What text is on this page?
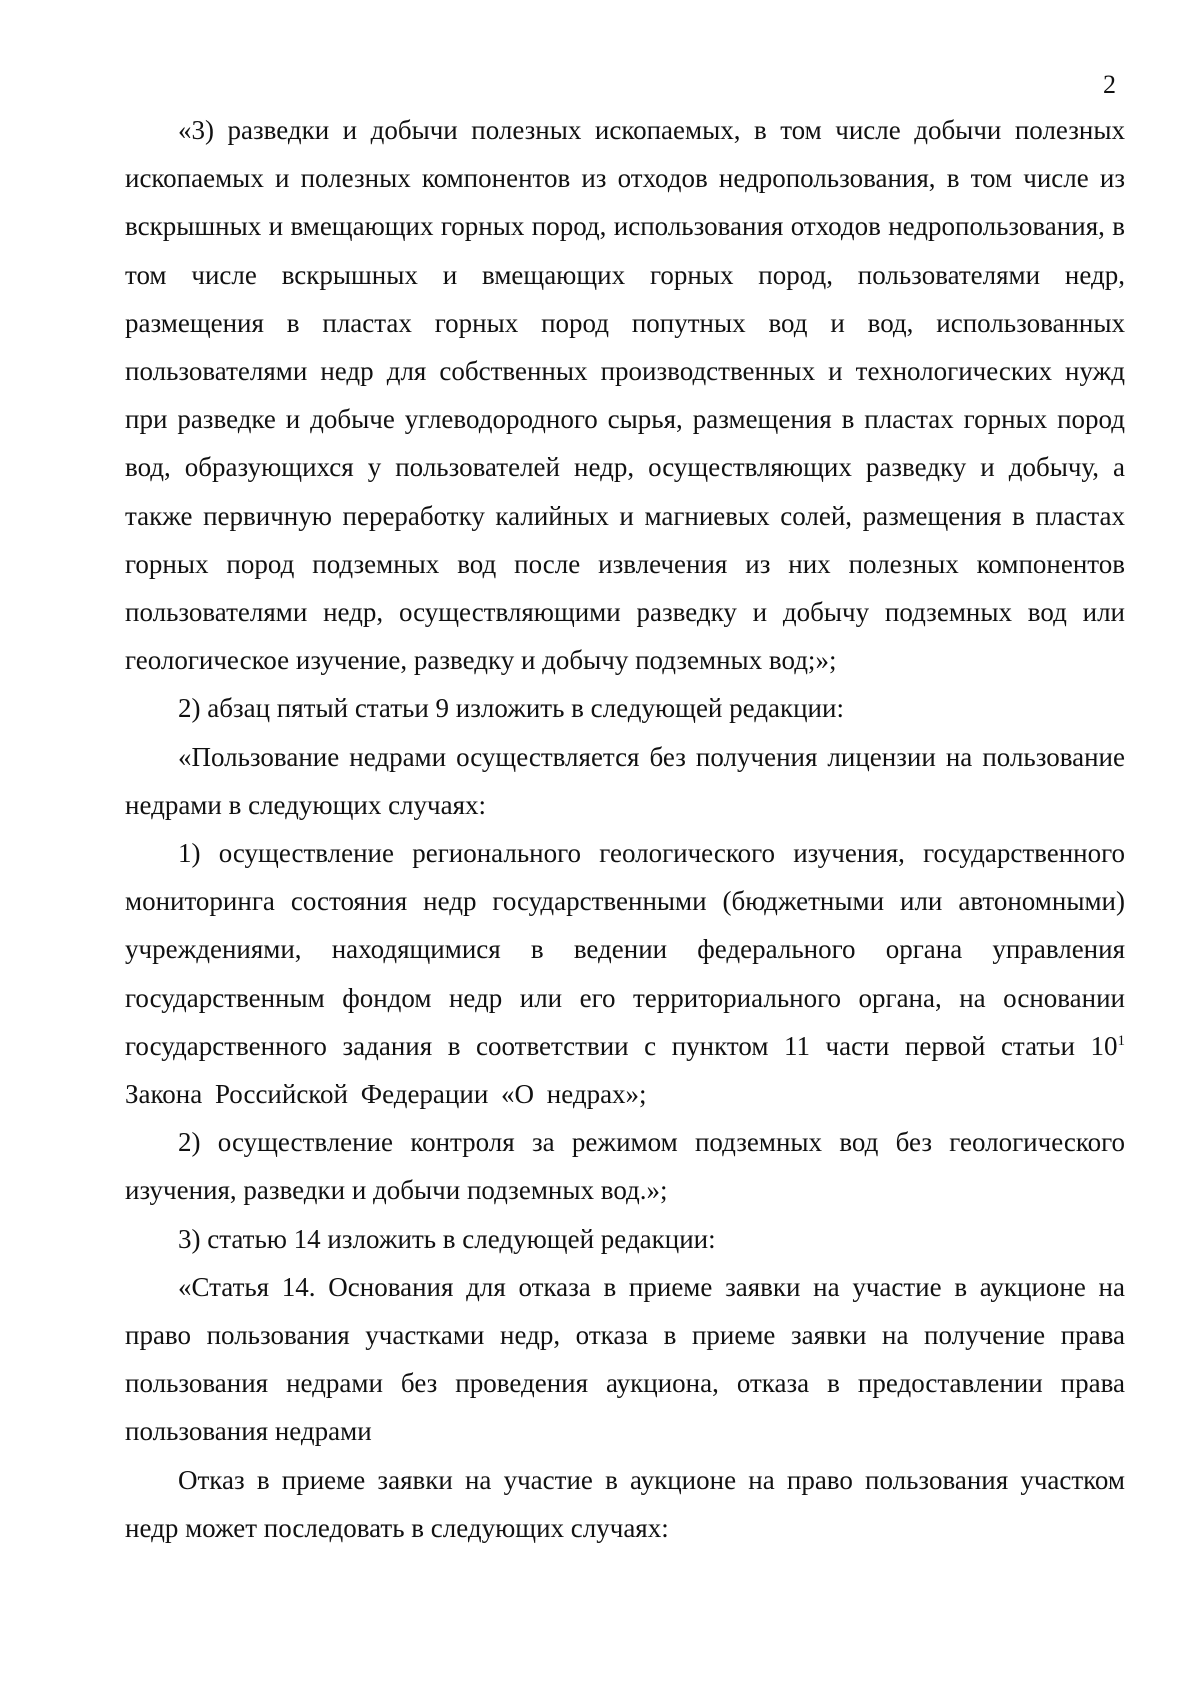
2

«3) разведки и добычи полезных ископаемых, в том числе добычи полезных ископаемых и полезных компонентов из отходов недропользования, в том числе из вскрышных и вмещающих горных пород, использования отходов недропользования, в том числе вскрышных и вмещающих горных пород, пользователями недр, размещения в пластах горных пород попутных вод и вод, использованных пользователями недр для собственных производственных и технологических нужд при разведке и добыче углеводородного сырья, размещения в пластах горных пород вод, образующихся у пользователей недр, осуществляющих разведку и добычу, а также первичную переработку калийных и магниевых солей, размещения в пластах горных пород подземных вод после извлечения из них полезных компонентов пользователями недр, осуществляющими разведку и добычу подземных вод или геологическое изучение, разведку и добычу подземных вод;»;

2) абзац пятый статьи 9 изложить в следующей редакции:

«Пользование недрами осуществляется без получения лицензии на пользование недрами в следующих случаях:

1) осуществление регионального геологического изучения, государственного мониторинга состояния недр государственными (бюджетными или автономными) учреждениями, находящимися в ведении федерального органа управления государственным фондом недр или его территориального органа, на основании государственного задания в соответствии с пунктом 11 части первой статьи $10^1$ Закона Российской Федерации «О недрах»;

2) осуществление контроля за режимом подземных вод без геологического изучения, разведки и добычи подземных вод.»;

3) статью 14 изложить в следующей редакции:

«Статья 14. Основания для отказа в приеме заявки на участие в аукционе на право пользования участками недр, отказа в приеме заявки на получение права пользования недрами без проведения аукциона, отказа в предоставлении права пользования недрами

Отказ в приеме заявки на участие в аукционе на право пользования участком недр может последовать в следующих случаях:
